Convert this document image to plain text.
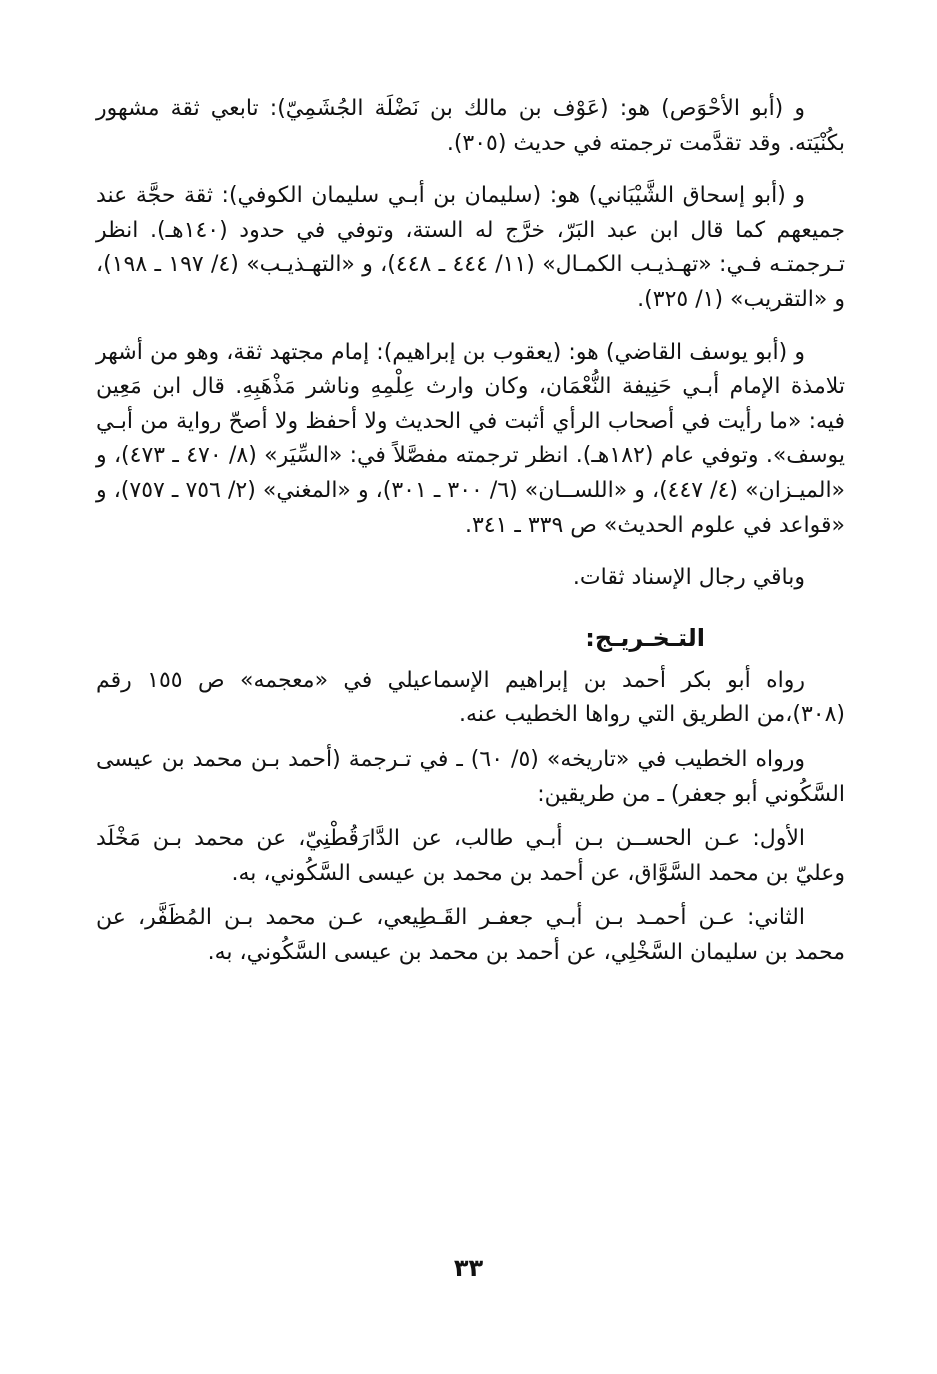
و (أبو الأحْوَص) هو: (عَوْف بن مالك بن نَضْلَة الجُشَمِيّ): تابعي ثقة مشهور بكُنْيَته. وقد تقدَّمت ترجمته في حديث (٣٠٥).

و (أبو إسحاق الشَّيْبَاني) هو: (سليمان بن أبـي سليمان الكوفي): ثقة حجَّة عند جميعهم كما قال ابن عبد البَرّ، خرَّج له الستة، وتوفي في حدود (١٤٠هـ). انظر تـرجمتـه فـي: «تهـذيـب الكمـال» (١١/ ٤٤٤ ـ ٤٤٨)، و «التهـذيـب» (٤/ ١٩٧ ـ ١٩٨)، و «التقريب» (١/ ٣٢٥).

و (أبو يوسف القاضي) هو: (يعقوب بن إبراهيم): إمام مجتهد ثقة، وهو من أشهر تلامذة الإمام أبـي حَنِيفة النُّعْمَان، وكان وارث عِلْمِهِ وناشر مَذْهَبِهِ. قال ابن مَعِين فيه: «ما رأيت في أصحاب الرأي أثبت في الحديث ولا أحفظ ولا أصحّ رواية من أبـي يوسف». وتوفي عام (١٨٢هـ). انظر ترجمته مفصَّلاً في: «السِّيَر» (٨/ ٤٧٠ ـ ٤٧٣)، و «الميـزان» (٤/ ٤٤٧)، و «اللســان» (٦/ ٣٠٠ ـ ٣٠١)، و «المغني» (٢/ ٧٥٦ ـ ٧٥٧)، و «قواعد في علوم الحديث» ص ٣٣٩ ـ ٣٤١.

وباقي رجال الإسناد ثقات.

التـخـريـج:

رواه أبو بكر أحمد بن إبراهيم الإسماعيلي في «معجمه» ص ١٥٥ رقم (٣٠٨)،من الطريق التي رواها الخطيب عنه.

ورواه الخطيب في «تاريخه» (٥/ ٦٠) ـ في تـرجمة (أحمد بـن محمد بن عيسى السَّكُوني أبو جعفر) ـ من طريقين:

الأول: عـن الحســن بـن أبـي طالب، عن الدَّارَقُطْنِيّ، عن محمد بـن مَخْلَد وعليّ بن محمد السَّوَّاق، عن أحمد بن محمد بن عيسى السَّكُوني، به.

الثاني: عـن أحمـد بـن أبـي جعفـر القَـطِيعي، عـن محمد بـن المُظَفَّر، عن محمد بن سليمان السَّخْلِي، عن أحمد بن محمد بن عيسى السَّكُوني، به.

٣٣
